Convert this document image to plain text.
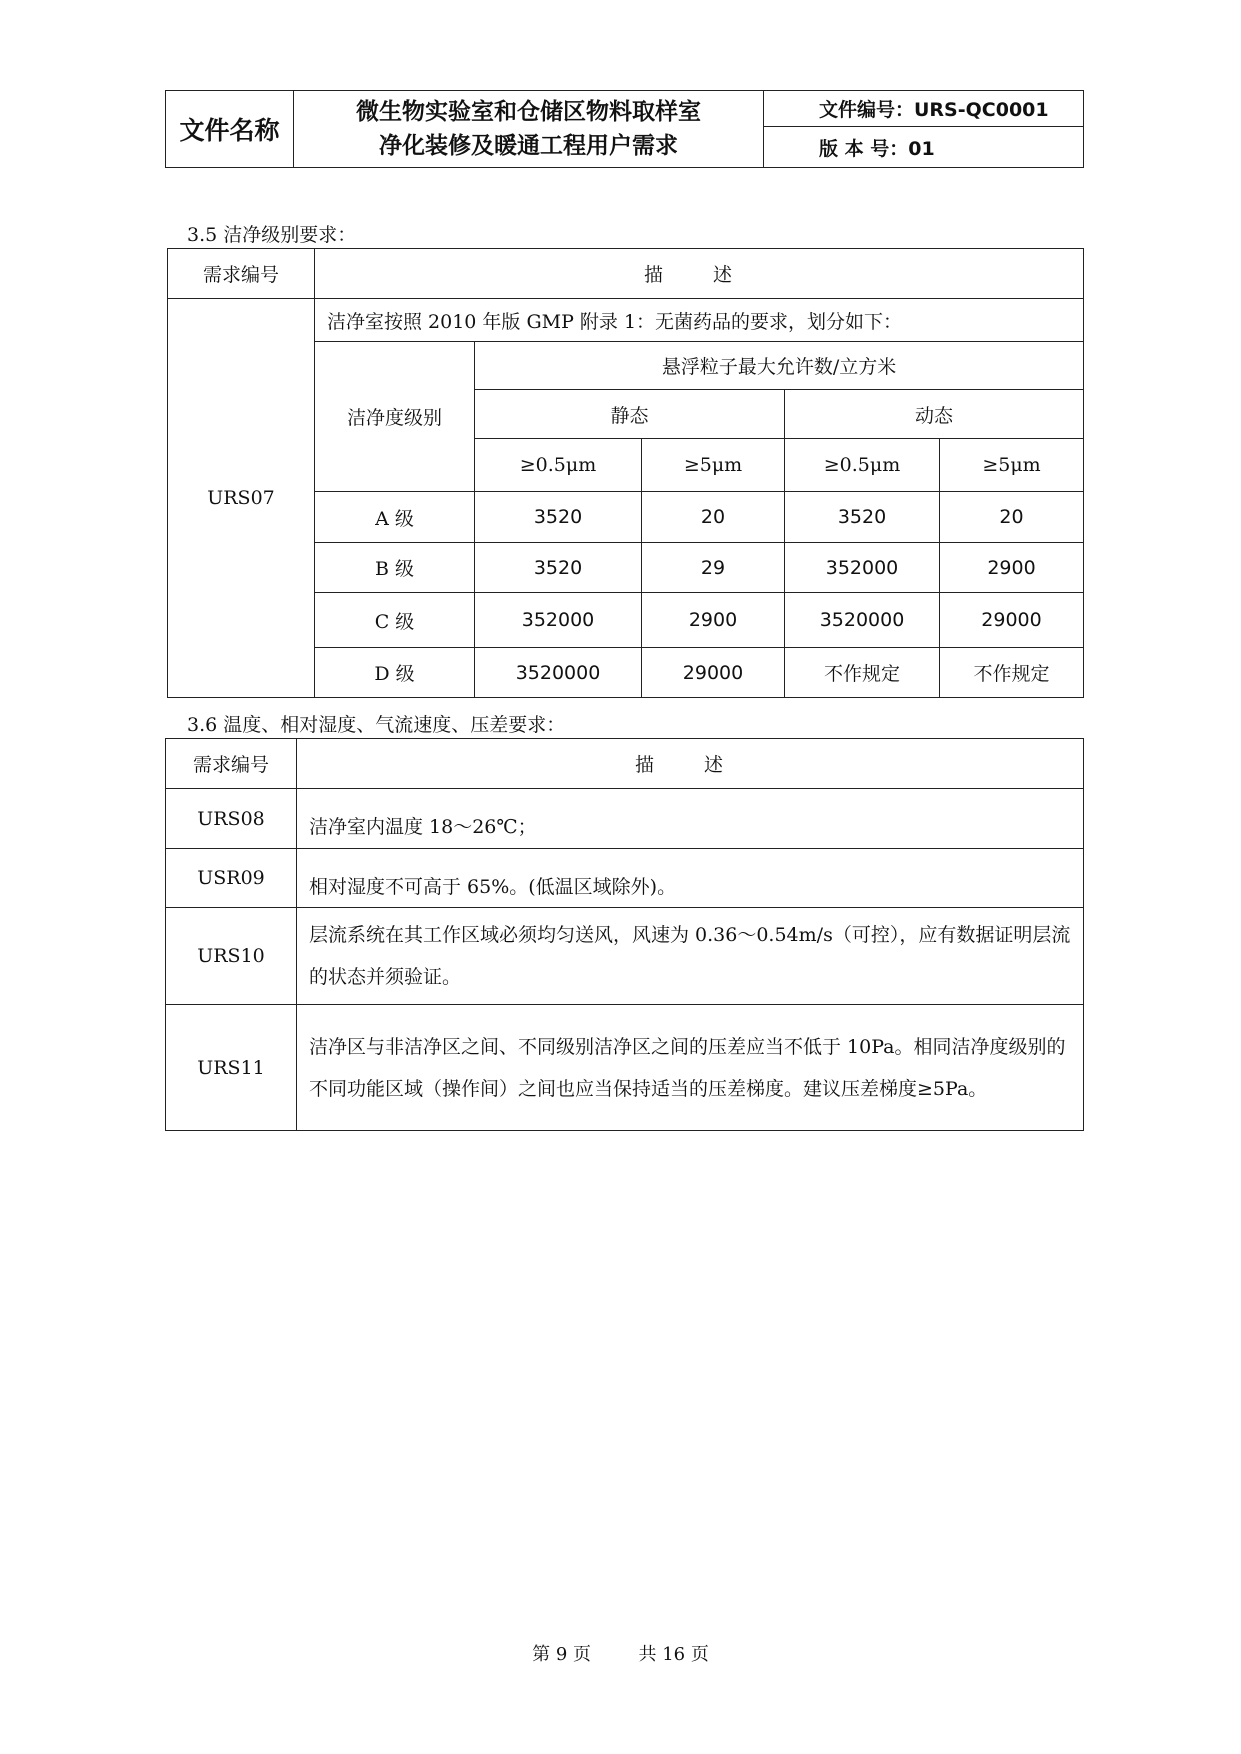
文件名称	
微生物实验室和仓储区物料取样室
净化装修及暖通工程用户需求
	文件编号：URS-QC0001
版 本 号：01
3.5 洁净级别要求：
需求编号	描 述				
URS07	洁净室按照 2010 年版 GMP 附录 1：无菌药品的要求，划分如下：				
	洁净度级别	悬浮粒子最大允许数/立方米			
		静态		动态	
		≥0.5μm	≥5μm	≥0.5μm	≥5μm
	A 级	3520	20	3520	20
	B 级	3520	29	352000	2900
	C 级	352000	2900	3520000	29000
	D 级	3520000	29000	不作规定	不作规定
3.6 温度、相对湿度、气流速度、压差要求：
需求编号	描 述
URS08	洁净室内温度 18～26℃；
USR09	相对湿度不可高于 65%。(低温区域除外)。
URS10	层流系统在其工作区域必须均匀送风，风速为 0.36～0.54m/s（可控），应有数据证明层流的状态并须验证。
URS11	洁净区与非洁净区之间、不同级别洁净区之间的压差应当不低于 10Pa。相同洁净度级别的不同功能区域（操作间）之间也应当保持适当的压差梯度。建议压差梯度≥5Pa。
第 9 页	共 16 页
